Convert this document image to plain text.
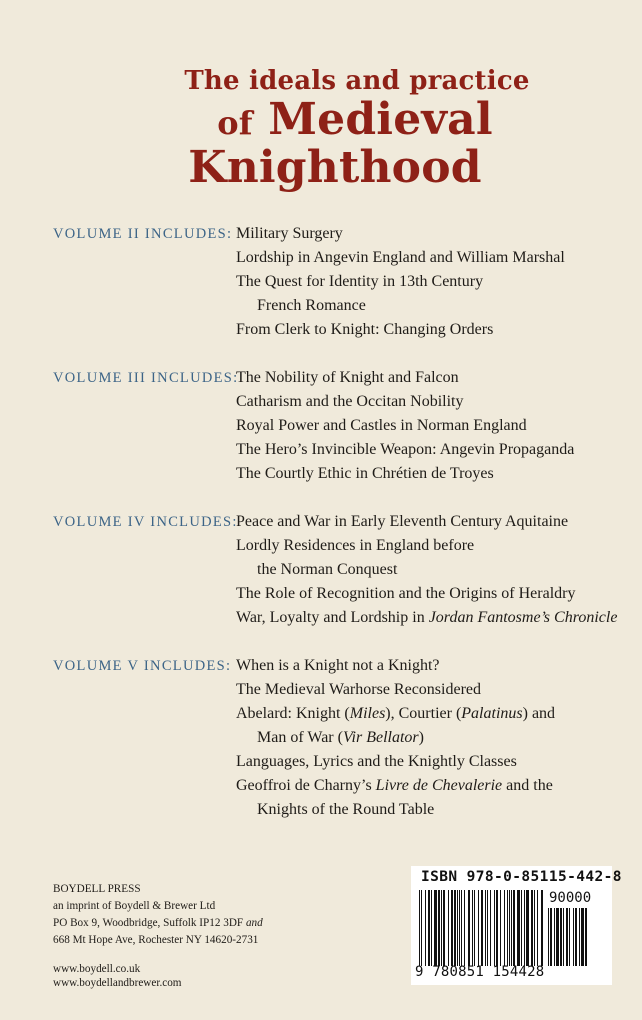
The ideals and practice
of Medieval
Knighthood
VOLUME II INCLUDES: Military Surgery
Lordship in Angevin England and William Marshal
The Quest for Identity in 13th Century
French Romance
From Clerk to Knight: Changing Orders
VOLUME III INCLUDES:
The Nobility of Knight and Falcon
Catharism and the Occitan Nobility
Royal Power and Castles in Norman England
The Hero’s Invincible Weapon: Angevin Propaganda
The Courtly Ethic in Chrétien de Troyes
VOLUME IV INCLUDES:
Peace and War in Early Eleventh Century Aquitaine
Lordly Residences in England before
the Norman Conquest
The Role of Recognition and the Origins of Heraldry
War, Loyalty and Lordship in Jordan Fantosme’s Chronicle
VOLUME V INCLUDES: When is a Knight not a Knight?
The Medieval Warhorse Reconsidered
Abelard: Knight (Miles), Courtier (Palatinus) and
Man of War (Vir Bellator)
Languages, Lyrics and the Knightly Classes
Geoffroi de Charny’s Livre de Chevalerie and the
Knights of the Round Table
BOYDELL PRESS
an imprint of Boydell & Brewer Ltd
PO Box 9, Woodbridge, Suffolk IP12 3DF and
668 Mt Hope Ave, Rochester NY 14620-2731
www.boydell.co.uk
www.boydellandbrewer.com
ISBN 978-0-85115-442-8
90000
9 780851 154428
